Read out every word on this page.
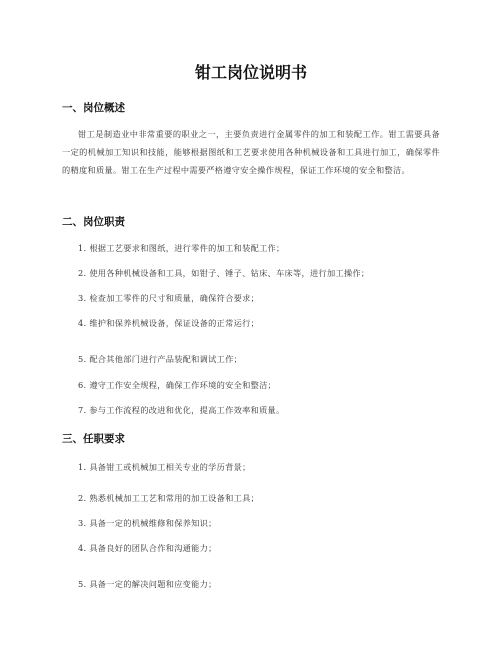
钳工岗位说明书
一、岗位概述
钳工是制造业中非常重要的职业之一，主要负责进行金属零件的加工和装配工作。钳工需要具备一定的机械加工知识和技能，能够根据图纸和工艺要求使用各种机械设备和工具进行加工，确保零件的精度和质量。钳工在生产过程中需要严格遵守安全操作规程，保证工作环境的安全和整洁。
二、岗位职责
1. 根据工艺要求和图纸，进行零件的加工和装配工作；
2. 使用各种机械设备和工具，如钳子、锤子、钻床、车床等，进行加工操作；
3. 检查加工零件的尺寸和质量，确保符合要求；
4. 维护和保养机械设备，保证设备的正常运行；
5. 配合其他部门进行产品装配和调试工作；
6. 遵守工作安全规程，确保工作环境的安全和整洁；
7. 参与工作流程的改进和优化，提高工作效率和质量。
三、任职要求
1. 具备钳工或机械加工相关专业的学历背景；
2. 熟悉机械加工工艺和常用的加工设备和工具；
3. 具备一定的机械维修和保养知识；
4. 具备良好的团队合作和沟通能力；
5. 具备一定的解决问题和应变能力；
